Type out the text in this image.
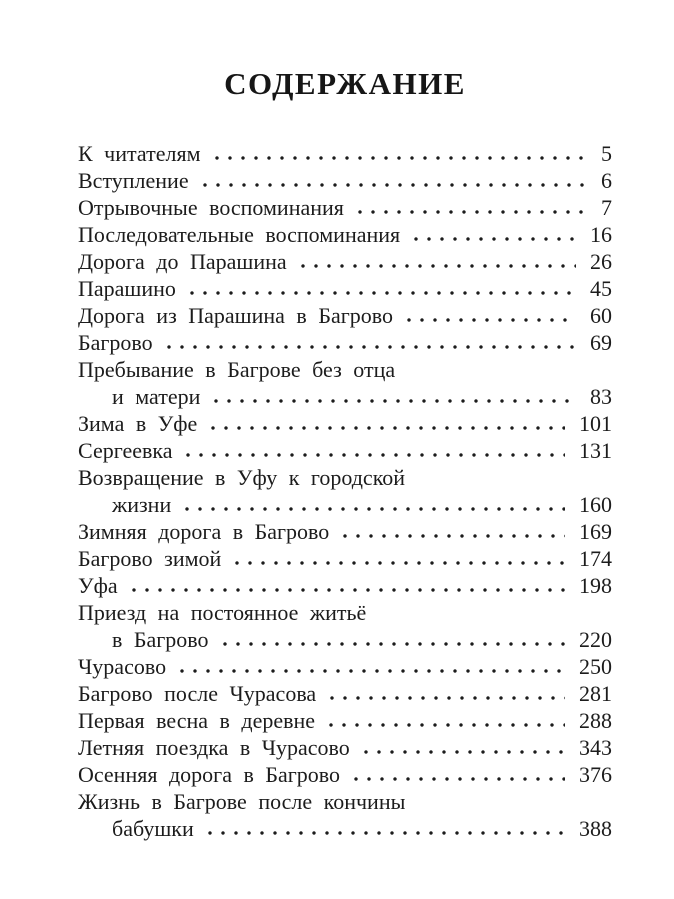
СОДЕРЖАНИЕ
К читателям	5
Вступление	6
Отрывочные воспоминания	7
Последовательные воспоминания	16
Дорога до Парашина	26
Парашино	45
Дорога из Парашина в Багрово	60
Багрово	69
Пребывание в Багрове без отца
и матери	83
Зима в Уфе	101
Сергеевка	131
Возвращение в Уфу к городской
жизни	160
Зимняя дорога в Багрово	169
Багрово зимой	174
Уфа	198
Приезд на постоянное житьё
в Багрово	220
Чурасово	250
Багрово после Чурасова	281
Первая весна в деревне	288
Летняя поездка в Чурасово	343
Осенняя дорога в Багрово	376
Жизнь в Багрове после кончины
бабушки	388
